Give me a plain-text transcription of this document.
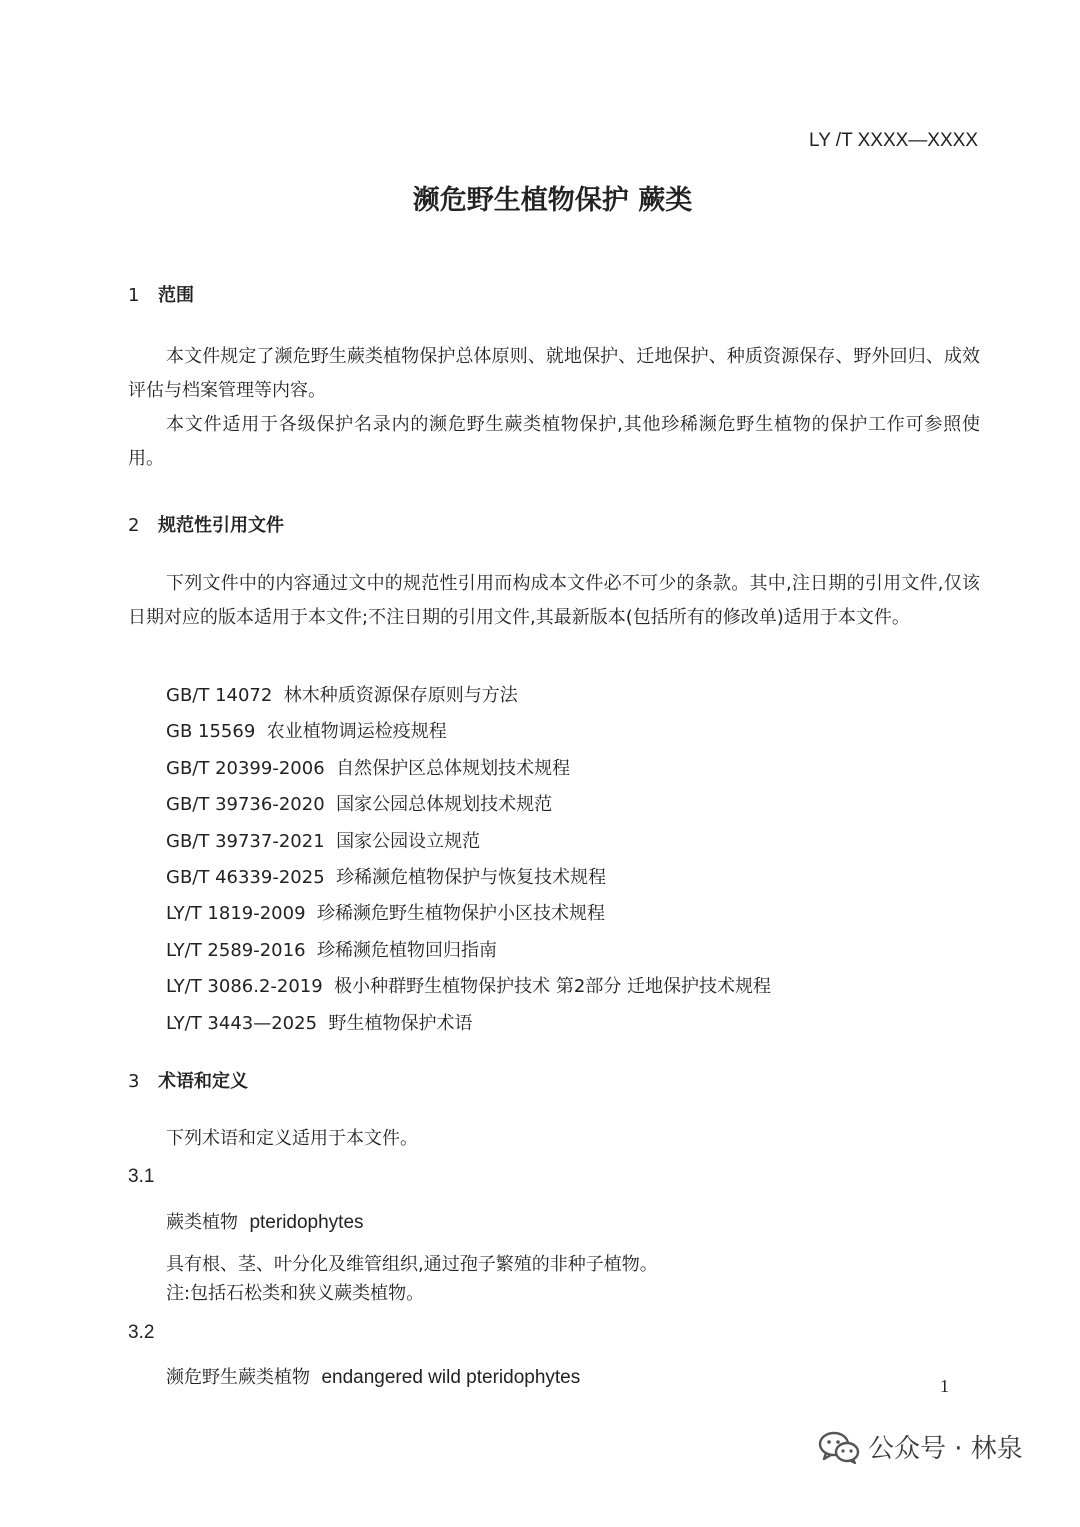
LY /T XXXX—XXXX
濒危野生植物保护 蕨类
1 范围

本文件规定了濒危野生蕨类植物保护总体原则、就地保护、迁地保护、种质资源保存、野外回归、成效评估与档案管理等内容。

本文件适用于各级保护名录内的濒危野生蕨类植物保护,其他珍稀濒危野生植物的保护工作可参照使用。

2 规范性引用文件

下列文件中的内容通过文中的规范性引用而构成本文件必不可少的条款。其中,注日期的引用文件,仅该日期对应的版本适用于本文件;不注日期的引用文件,其最新版本(包括所有的修改单)适用于本文件。

GB/T 14072 林木种质资源保存原则与方法
GB 15569 农业植物调运检疫规程
GB/T 20399-2006 自然保护区总体规划技术规程
GB/T 39736-2020 国家公园总体规划技术规范
GB/T 39737-2021 国家公园设立规范
GB/T 46339-2025 珍稀濒危植物保护与恢复技术规程
LY/T 1819-2009 珍稀濒危野生植物保护小区技术规程
LY/T 2589-2016 珍稀濒危植物回归指南
LY/T 3086.2-2019 极小种群野生植物保护技术 第2部分 迁地保护技术规程
LY/T 3443—2025 野生植物保护术语
3 术语和定义
下列术语和定义适用于本文件。
3.1
蕨类植物 pteridophytes
具有根、茎、叶分化及维管组织,通过孢子繁殖的非种子植物。
注:包括石松类和狭义蕨类植物。
3.2
濒危野生蕨类植物 endangered wild pteridophytes	1
公众号 · 林泉
